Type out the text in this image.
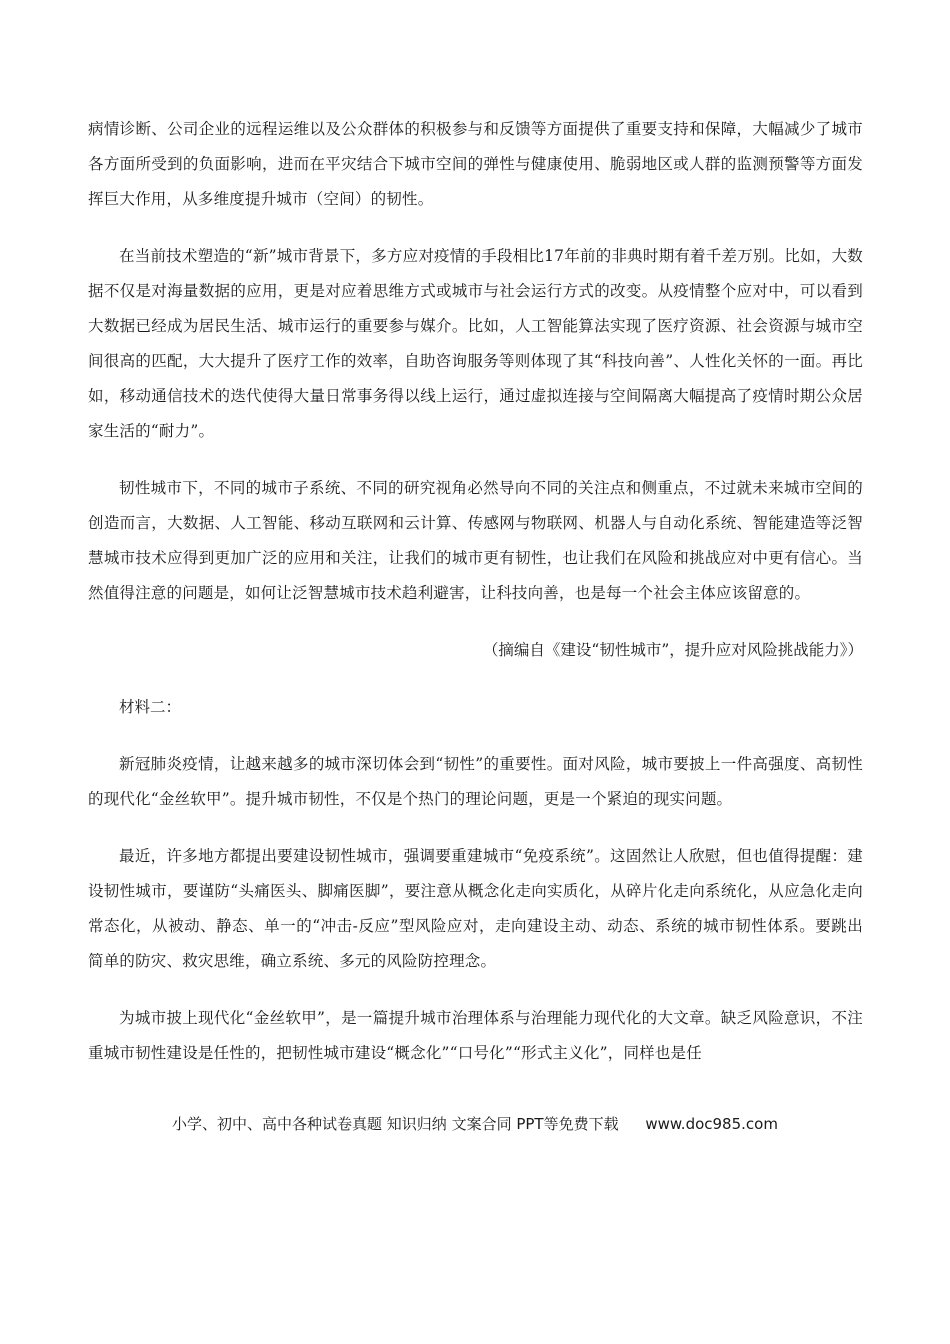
病情诊断、公司企业的远程运维以及公众群体的积极参与和反馈等方面提供了重要支持和保障，大幅减少了城市各方面所受到的负面影响，进而在平灾结合下城市空间的弹性与健康使用、脆弱地区或人群的监测预警等方面发挥巨大作用，从多维度提升城市（空间）的韧性。

在当前技术塑造的“新”城市背景下，多方应对疫情的手段相比17年前的非典时期有着千差万别。比如，大数据不仅是对海量数据的应用，更是对应着思维方式或城市与社会运行方式的改变。从疫情整个应对中，可以看到大数据已经成为居民生活、城市运行的重要参与媒介。比如，人工智能算法实现了医疗资源、社会资源与城市空间很高的匹配，大大提升了医疗工作的效率，自助咨询服务等则体现了其“科技向善”、人性化关怀的一面。再比如，移动通信技术的迭代使得大量日常事务得以线上运行，通过虚拟连接与空间隔离大幅提高了疫情时期公众居家生活的“耐力”。

韧性城市下，不同的城市子系统、不同的研究视角必然导向不同的关注点和侧重点，不过就未来城市空间的创造而言，大数据、人工智能、移动互联网和云计算、传感网与物联网、机器人与自动化系统、智能建造等泛智慧城市技术应得到更加广泛的应用和关注，让我们的城市更有韧性，也让我们在风险和挑战应对中更有信心。当然值得注意的问题是，如何让泛智慧城市技术趋利避害，让科技向善，也是每一个社会主体应该留意的。

（摘编自《建设“韧性城市”，提升应对风险挑战能力》）

材料二：

新冠肺炎疫情，让越来越多的城市深切体会到“韧性”的重要性。面对风险，城市要披上一件高强度、高韧性的现代化“金丝软甲”。提升城市韧性，不仅是个热门的理论问题，更是一个紧迫的现实问题。

最近，许多地方都提出要建设韧性城市，强调要重建城市“免疫系统”。这固然让人欣慰，但也值得提醒：建设韧性城市，要谨防“头痛医头、脚痛医脚”，要注意从概念化走向实质化，从碎片化走向系统化，从应急化走向常态化，从被动、静态、单一的“冲击-反应”型风险应对，走向建设主动、动态、系统的城市韧性体系。要跳出简单的防灾、救灾思维，确立系统、多元的风险防控理念。

为城市披上现代化“金丝软甲”，是一篇提升城市治理体系与治理能力现代化的大文章。缺乏风险意识，不注重城市韧性建设是任性的，把韧性城市建设“概念化”“口号化”“形式主义化”，同样也是任

小学、初中、高中各种试卷真题 知识归纳 文案合同 PPT等免费下载 www.doc985.com
